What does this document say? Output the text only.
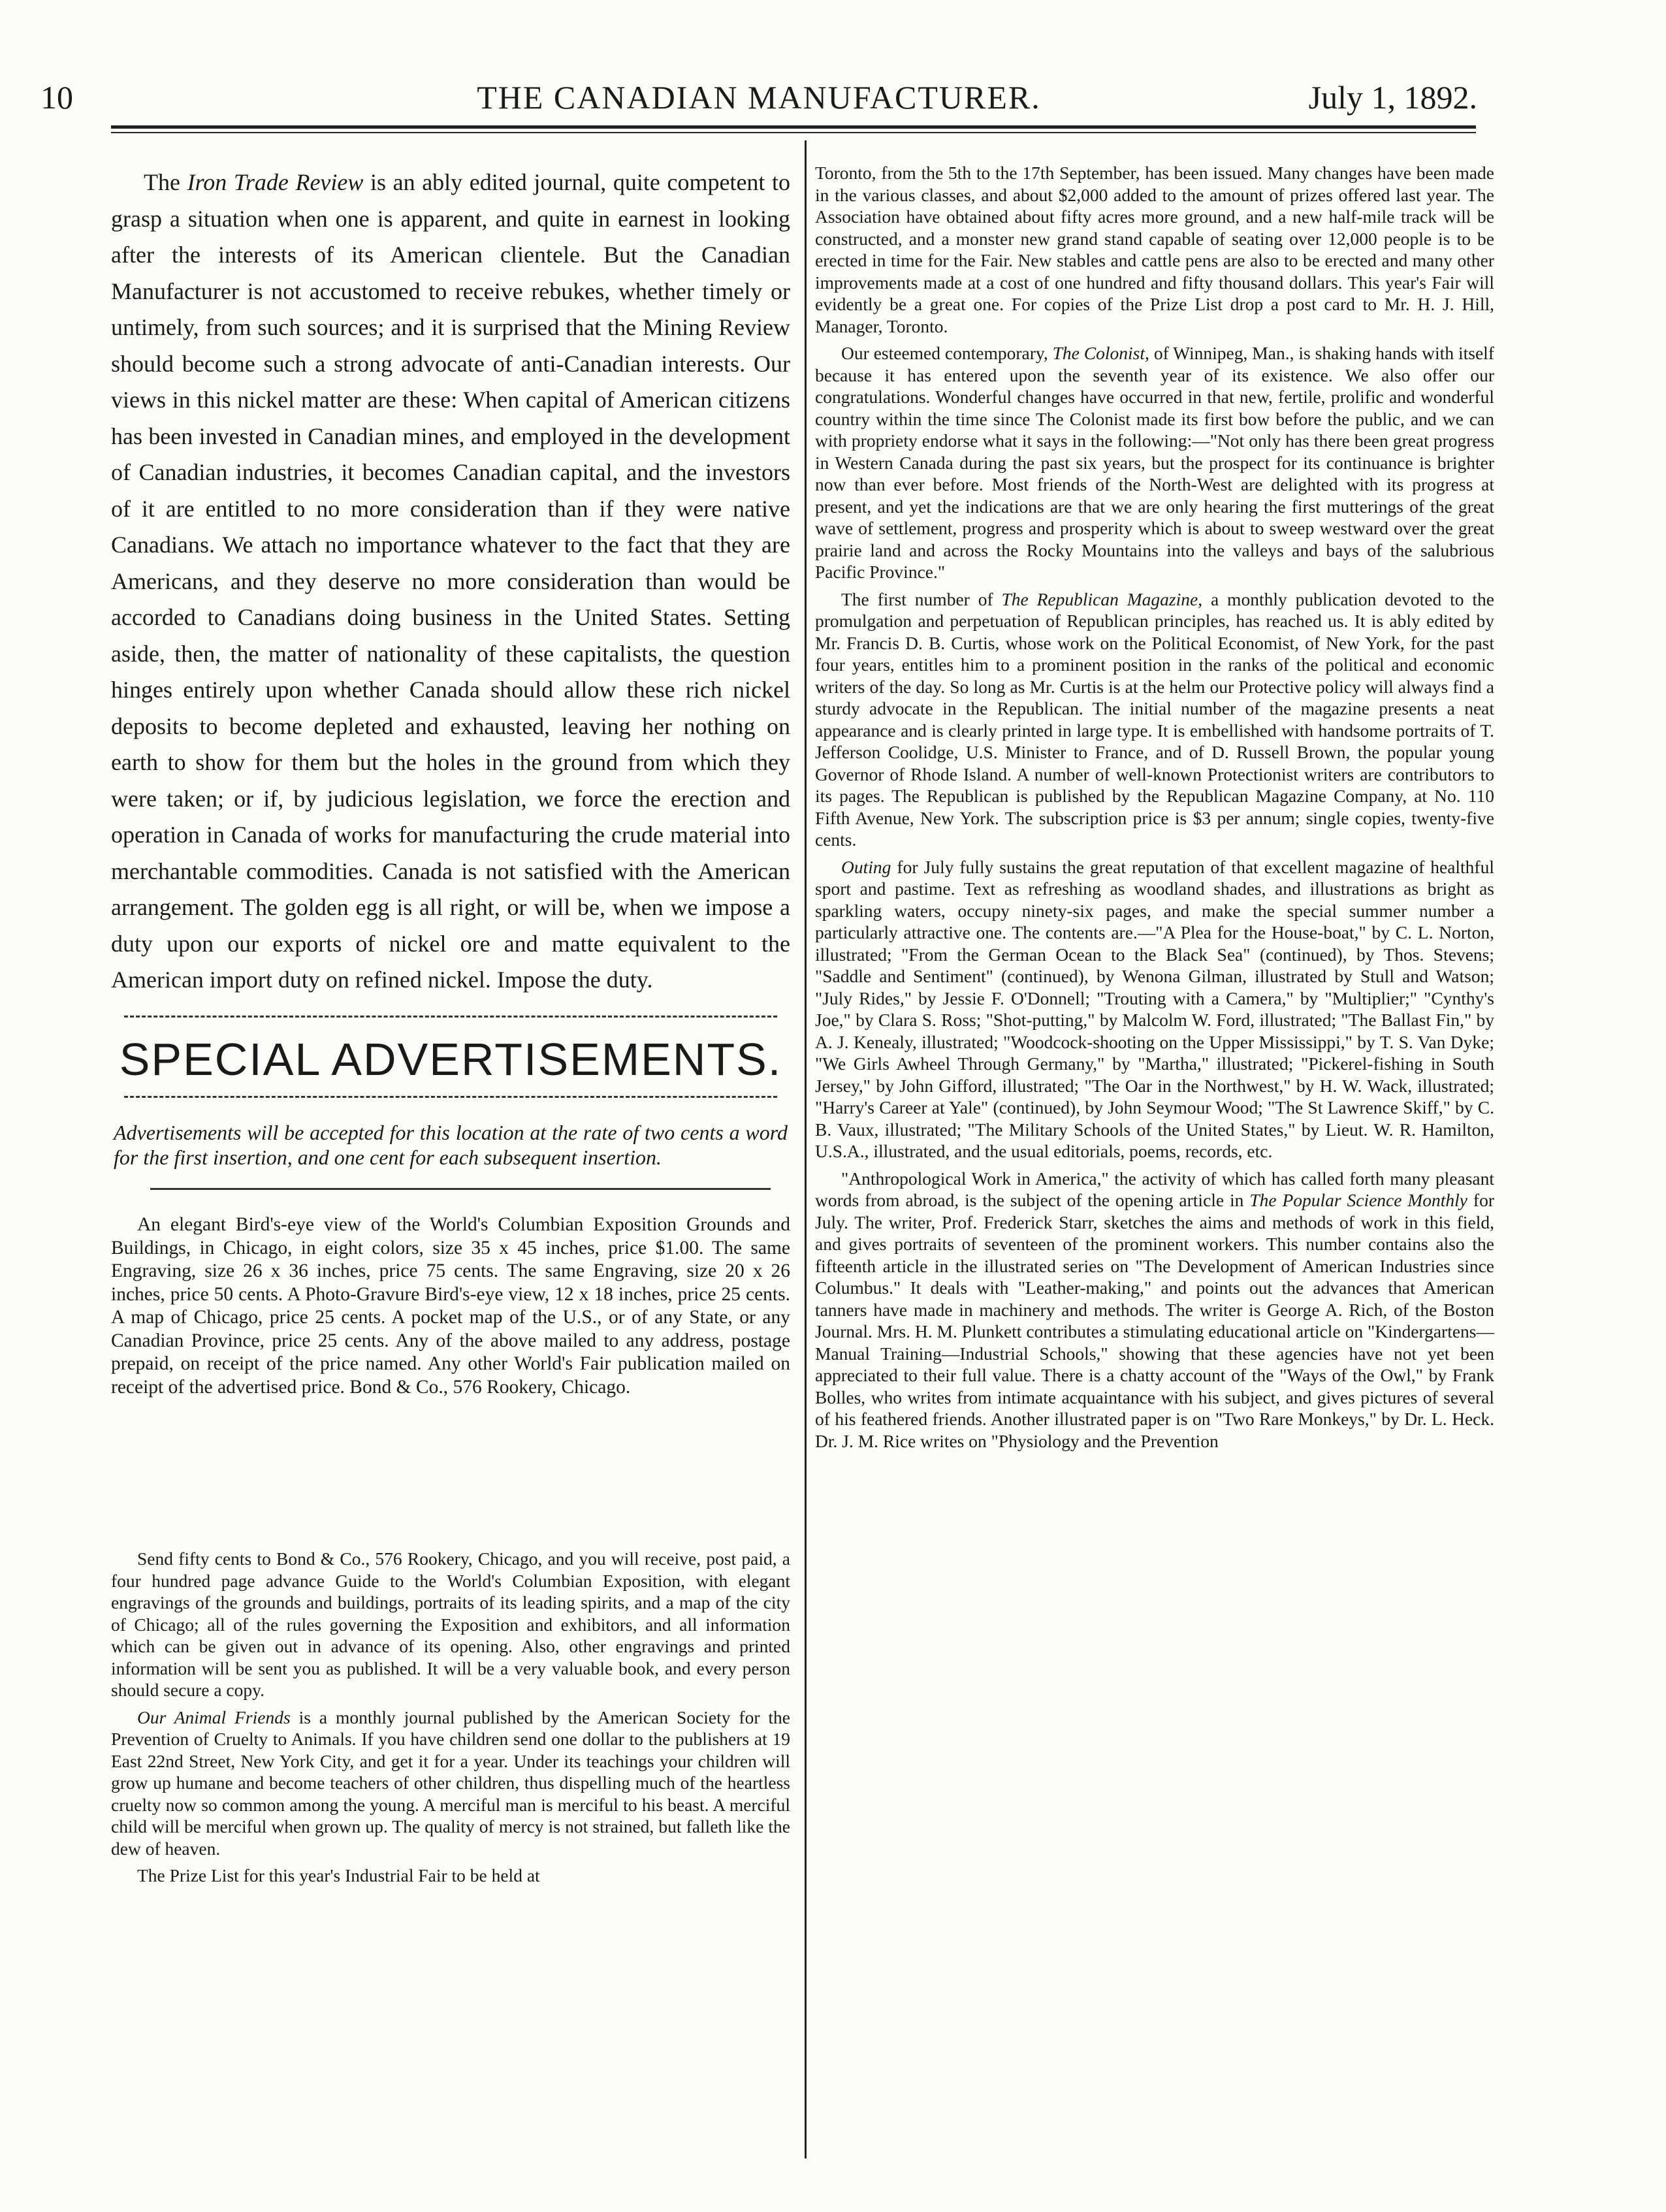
10	THE CANADIAN MANUFACTURER.	July 1, 1892.

The Iron Trade Review is an ably edited journal, quite competent to grasp a situation when one is apparent, and quite in earnest in looking after the interests of its American clientele. But the Canadian Manufacturer is not accustomed to receive rebukes, whether timely or untimely, from such sources; and it is surprised that the Mining Review should become such a strong advocate of anti-Canadian interests. Our views in this nickel matter are these: When capital of American citizens has been invested in Canadian mines, and employed in the development of Canadian industries, it becomes Canadian capital, and the investors of it are entitled to no more consideration than if they were native Canadians. We attach no importance whatever to the fact that they are Americans, and they deserve no more consideration than would be accorded to Canadians doing business in the United States. Setting aside, then, the matter of nationality of these capitalists, the question hinges entirely upon whether Canada should allow these rich nickel deposits to become depleted and exhausted, leaving her nothing on earth to show for them but the holes in the ground from which they were taken; or if, by judicious legislation, we force the erection and operation in Canada of works for manufacturing the crude material into merchantable commodities. Canada is not satisfied with the American arrangement. The golden egg is all right, or will be, when we impose a duty upon our exports of nickel ore and matte equivalent to the American import duty on refined nickel. Impose the duty.

SPECIAL ADVERTISEMENTS.
Advertisements will be accepted for this location at the rate of two cents a word for the first insertion, and one cent for each subsequent insertion.

An elegant Bird's-eye view of the World's Columbian Exposition Grounds and Buildings, in Chicago, in eight colors, size 35 x 45 inches, price $1.00. The same Engraving, size 26 x 36 inches, price 75 cents. The same Engraving, size 20 x 26 inches, price 50 cents. A Photo-Gravure Bird's-eye view, 12 x 18 inches, price 25 cents. A map of Chicago, price 25 cents. A pocket map of the U.S., or of any State, or any Canadian Province, price 25 cents. Any of the above mailed to any address, postage prepaid, on receipt of the price named. Any other World's Fair publication mailed on receipt of the advertised price. Bond & Co., 576 Rookery, Chicago.

Send fifty cents to Bond & Co., 576 Rookery, Chicago, and you will receive, post paid, a four hundred page advance Guide to the World's Columbian Exposition, with elegant engravings of the grounds and buildings, portraits of its leading spirits, and a map of the city of Chicago; all of the rules governing the Exposition and exhibitors, and all information which can be given out in advance of its opening. Also, other engravings and printed information will be sent you as published. It will be a very valuable book, and every person should secure a copy.

Our Animal Friends is a monthly journal published by the American Society for the Prevention of Cruelty to Animals. If you have children send one dollar to the publishers at 19 East 22nd Street, New York City, and get it for a year. Under its teachings your children will grow up humane and become teachers of other children, thus dispelling much of the heartless cruelty now so common among the young. A merciful man is merciful to his beast. A merciful child will be merciful when grown up. The quality of mercy is not strained, but falleth like the dew of heaven.

The Prize List for this year's Industrial Fair to be held at

Toronto, from the 5th to the 17th September, has been issued. Many changes have been made in the various classes, and about $2,000 added to the amount of prizes offered last year. The Association have obtained about fifty acres more ground, and a new half-mile track will be constructed, and a monster new grand stand capable of seating over 12,000 people is to be erected in time for the Fair. New stables and cattle pens are also to be erected and many other improvements made at a cost of one hundred and fifty thousand dollars. This year's Fair will evidently be a great one. For copies of the Prize List drop a post card to Mr. H. J. Hill, Manager, Toronto.

Our esteemed contemporary, The Colonist, of Winnipeg, Man., is shaking hands with itself because it has entered upon the seventh year of its existence. We also offer our congratulations. Wonderful changes have occurred in that new, fertile, prolific and wonderful country within the time since The Colonist made its first bow before the public, and we can with propriety endorse what it says in the following:—"Not only has there been great progress in Western Canada during the past six years, but the prospect for its continuance is brighter now than ever before. Most friends of the North-West are delighted with its progress at present, and yet the indications are that we are only hearing the first mutterings of the great wave of settlement, progress and prosperity which is about to sweep westward over the great prairie land and across the Rocky Mountains into the valleys and bays of the salubrious Pacific Province."

The first number of The Republican Magazine, a monthly publication devoted to the promulgation and perpetuation of Republican principles, has reached us. It is ably edited by Mr. Francis D. B. Curtis, whose work on the Political Economist, of New York, for the past four years, entitles him to a prominent position in the ranks of the political and economic writers of the day. So long as Mr. Curtis is at the helm our Protective policy will always find a sturdy advocate in the Republican. The initial number of the magazine presents a neat appearance and is clearly printed in large type. It is embellished with handsome portraits of T. Jefferson Coolidge, U.S. Minister to France, and of D. Russell Brown, the popular young Governor of Rhode Island. A number of well-known Protectionist writers are contributors to its pages. The Republican is published by the Republican Magazine Company, at No. 110 Fifth Avenue, New York. The subscription price is $3 per annum; single copies, twenty-five cents.

Outing for July fully sustains the great reputation of that excellent magazine of healthful sport and pastime. Text as refreshing as woodland shades, and illustrations as bright as sparkling waters, occupy ninety-six pages, and make the special summer number a particularly attractive one. The contents are.—"A Plea for the House-boat," by C. L. Norton, illustrated; "From the German Ocean to the Black Sea" (continued), by Thos. Stevens; "Saddle and Sentiment" (continued), by Wenona Gilman, illustrated by Stull and Watson; "July Rides," by Jessie F. O'Donnell; "Trouting with a Camera," by "Multiplier;" "Cynthy's Joe," by Clara S. Ross; "Shot-putting," by Malcolm W. Ford, illustrated; "The Ballast Fin," by A. J. Kenealy, illustrated; "Woodcock-shooting on the Upper Mississippi," by T. S. Van Dyke; "We Girls Awheel Through Germany," by "Martha," illustrated; "Pickerel-fishing in South Jersey," by John Gifford, illustrated; "The Oar in the Northwest," by H. W. Wack, illustrated; "Harry's Career at Yale" (continued), by John Seymour Wood; "The St Lawrence Skiff," by C. B. Vaux, illustrated; "The Military Schools of the United States," by Lieut. W. R. Hamilton, U.S.A., illustrated, and the usual editorials, poems, records, etc.

"Anthropological Work in America," the activity of which has called forth many pleasant words from abroad, is the subject of the opening article in The Popular Science Monthly for July. The writer, Prof. Frederick Starr, sketches the aims and methods of work in this field, and gives portraits of seventeen of the prominent workers. This number contains also the fifteenth article in the illustrated series on "The Development of American Industries since Columbus." It deals with "Leather-making," and points out the advances that American tanners have made in machinery and methods. The writer is George A. Rich, of the Boston Journal. Mrs. H. M. Plunkett contributes a stimulating educational article on "Kindergartens—Manual Training—Industrial Schools," showing that these agencies have not yet been appreciated to their full value. There is a chatty account of the "Ways of the Owl," by Frank Bolles, who writes from intimate acquaintance with his subject, and gives pictures of several of his feathered friends. Another illustrated paper is on "Two Rare Monkeys," by Dr. L. Heck. Dr. J. M. Rice writes on "Physiology and the Prevention
